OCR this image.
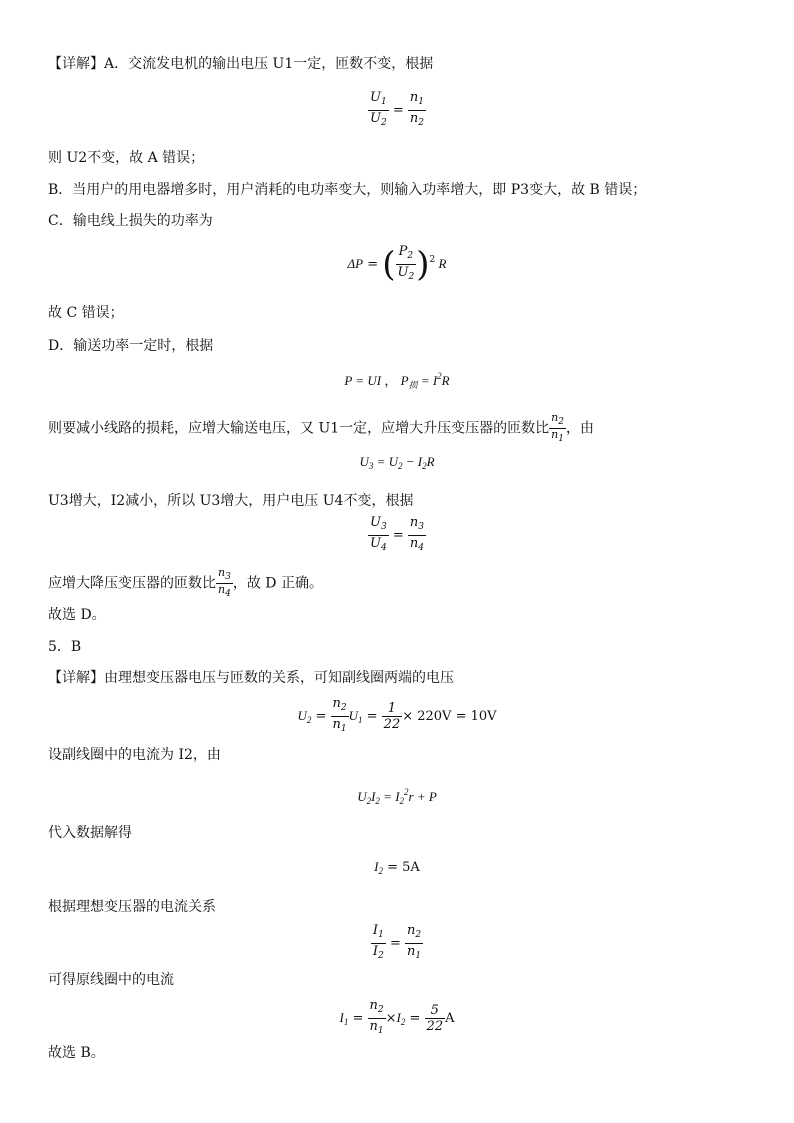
【详解】A．交流发电机的输出电压 U1一定，匝数不变，根据
$\frac{U_1}{U_2} = \frac{n_1}{n_2}$
则 U2不变，故 A 错误；
B．当用户的用电器增多时，用户消耗的电功率变大，则输入功率增大，即 P3变大，故 B 错误；
C．输电线上损失的功率为
ΔP = ( $\frac{P_2}{U_2} )^2$ R
故 C 错误；
D．输送功率一定时，根据
P = UI ， $P_损 = I^2R$
则要减小线路的损耗，应增大输送电压，又 U1一定，应增大升压变压器的匝数比 $\frac{n_2}{n_1}$ ，由
$U_3 = U_2 - I_2R$
U3增大，I2减小，所以 U3增大，用户电压 U4不变，根据
$\frac{U_3}{U_4} = \frac{n_3}{n_4}$
应增大降压变压器的匝数比 $\frac{n_3}{n_4}$ ，故 D 正确。
故选 D。
5．B
【详解】由理想变压器电压与匝数的关系，可知副线圈两端的电压
$U_2 = \frac{n_2}{n_1} U_1 = \frac{1}{22} \times 220V = 10V$
设副线圈中的电流为 I2，由
$U_2I_2 = I_2^2r + P$
代入数据解得
$I_2 = 5A$
根据理想变压器的电流关系
$\frac{I_1}{I_2} = \frac{n_2}{n_1}$
可得原线圈中的电流
$I_1 = \frac{n_2}{n_1} \times I_2 = \frac{5}{22}$ A
故选 B。
